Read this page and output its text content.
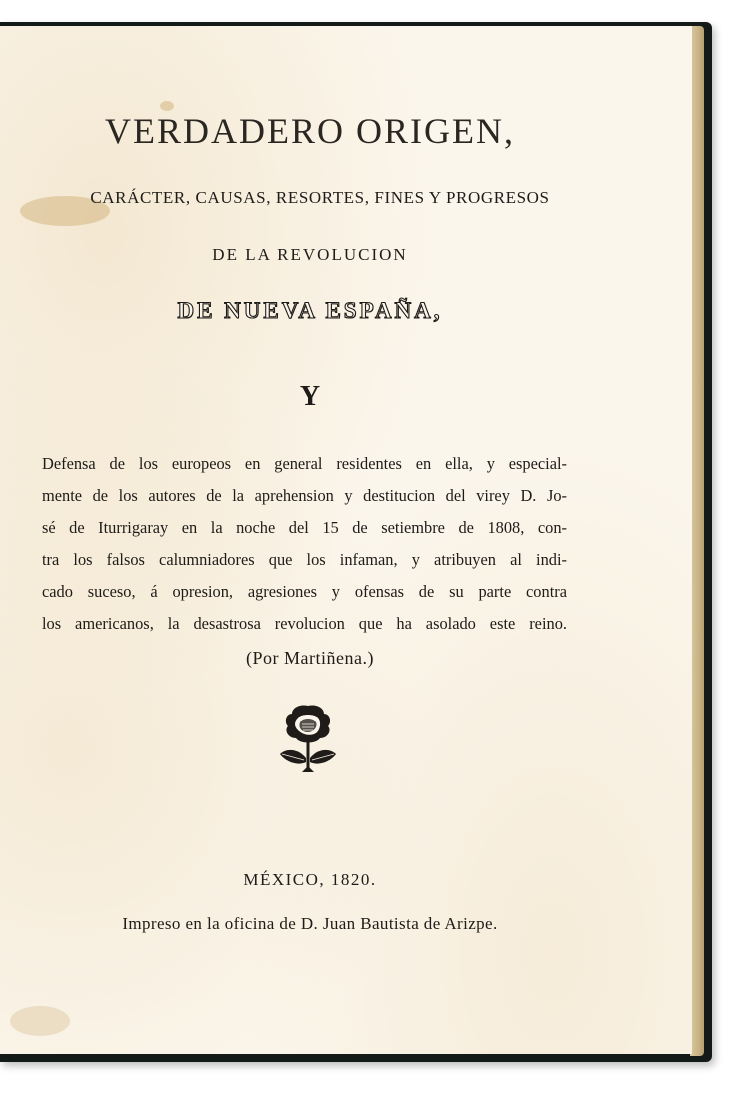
VERDADERO ORIGEN,
CARÁCTER, CAUSAS, RESORTES, FINES Y PROGRESOS
DE LA REVOLUCION
DE NUEVA ESPAÑA,
Y
Defensa de los europeos en general residentes en ella, y especial-
mente de los autores de la aprehension y destitucion del virey D. Jo-
sé de Iturrigaray en la noche del 15 de setiembre de 1808, con-
tra los falsos calumniadores que los infaman, y atribuyen al indi-
cado suceso, á opresion, agresiones y ofensas de su parte contra
los americanos, la desastrosa revolucion que ha asolado este reino.
(Por Martiñena.)
MÉXICO, 1820.
Impreso en la oficina de D. Juan Bautista de Arizpe.
